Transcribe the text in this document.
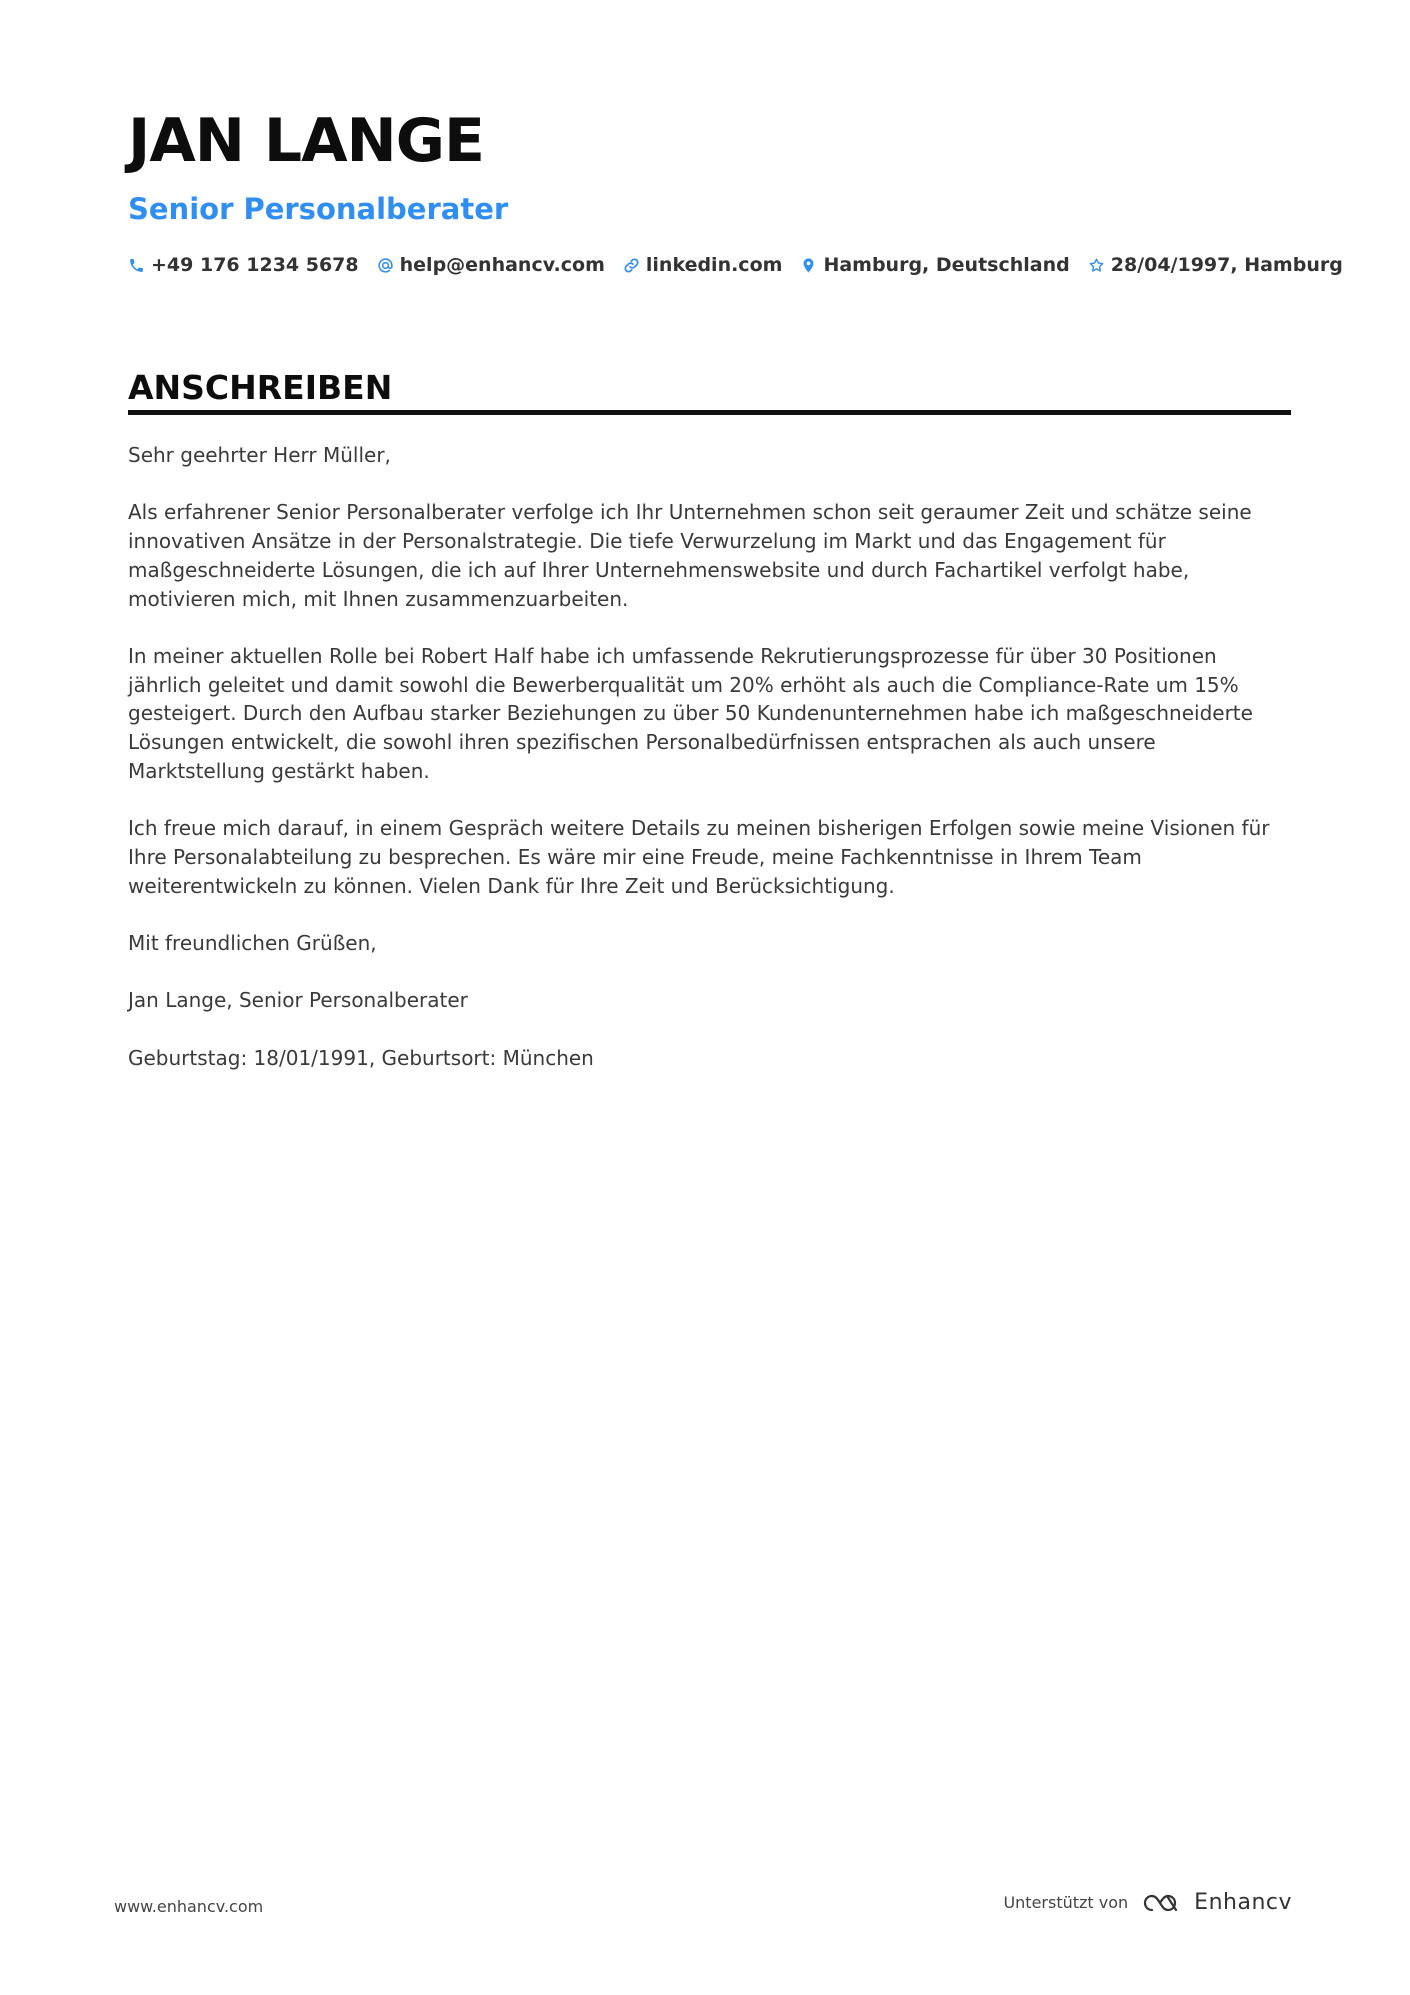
JAN LANGE
Senior Personalberater
+49 176 1234 5678 help@enhancv.com linkedin.com Hamburg, Deutschland 28/04/1997, Hamburg
ANSCHREIBEN

Sehr geehrter Herr Müller,

Als erfahrener Senior Personalberater verfolge ich Ihr Unternehmen schon seit geraumer Zeit und schätze seine innovativen Ansätze in der Personalstrategie. Die tiefe Verwurzelung im Markt und das Engagement für maßgeschneiderte Lösungen, die ich auf Ihrer Unternehmenswebsite und durch Fachartikel verfolgt habe, motivieren mich, mit Ihnen zusammenzuarbeiten.

In meiner aktuellen Rolle bei Robert Half habe ich umfassende Rekrutierungsprozesse für über 30 Positionen jährlich geleitet und damit sowohl die Bewerberqualität um 20% erhöht als auch die Compliance-Rate um 15% gesteigert. Durch den Aufbau starker Beziehungen zu über 50 Kundenunternehmen habe ich maßgeschneiderte Lösungen entwickelt, die sowohl ihren spezifischen Personalbedürfnissen entsprachen als auch unsere Marktstellung gestärkt haben.

Ich freue mich darauf, in einem Gespräch weitere Details zu meinen bisherigen Erfolgen sowie meine Visionen für Ihre Personalabteilung zu besprechen. Es wäre mir eine Freude, meine Fachkenntnisse in Ihrem Team weiterentwickeln zu können. Vielen Dank für Ihre Zeit und Berücksichtigung.

Mit freundlichen Grüßen,

Jan Lange, Senior Personalberater

Geburtstag: 18/01/1991, Geburtsort: München

www.enhancv.com	Unterstützt von	Enhancv
